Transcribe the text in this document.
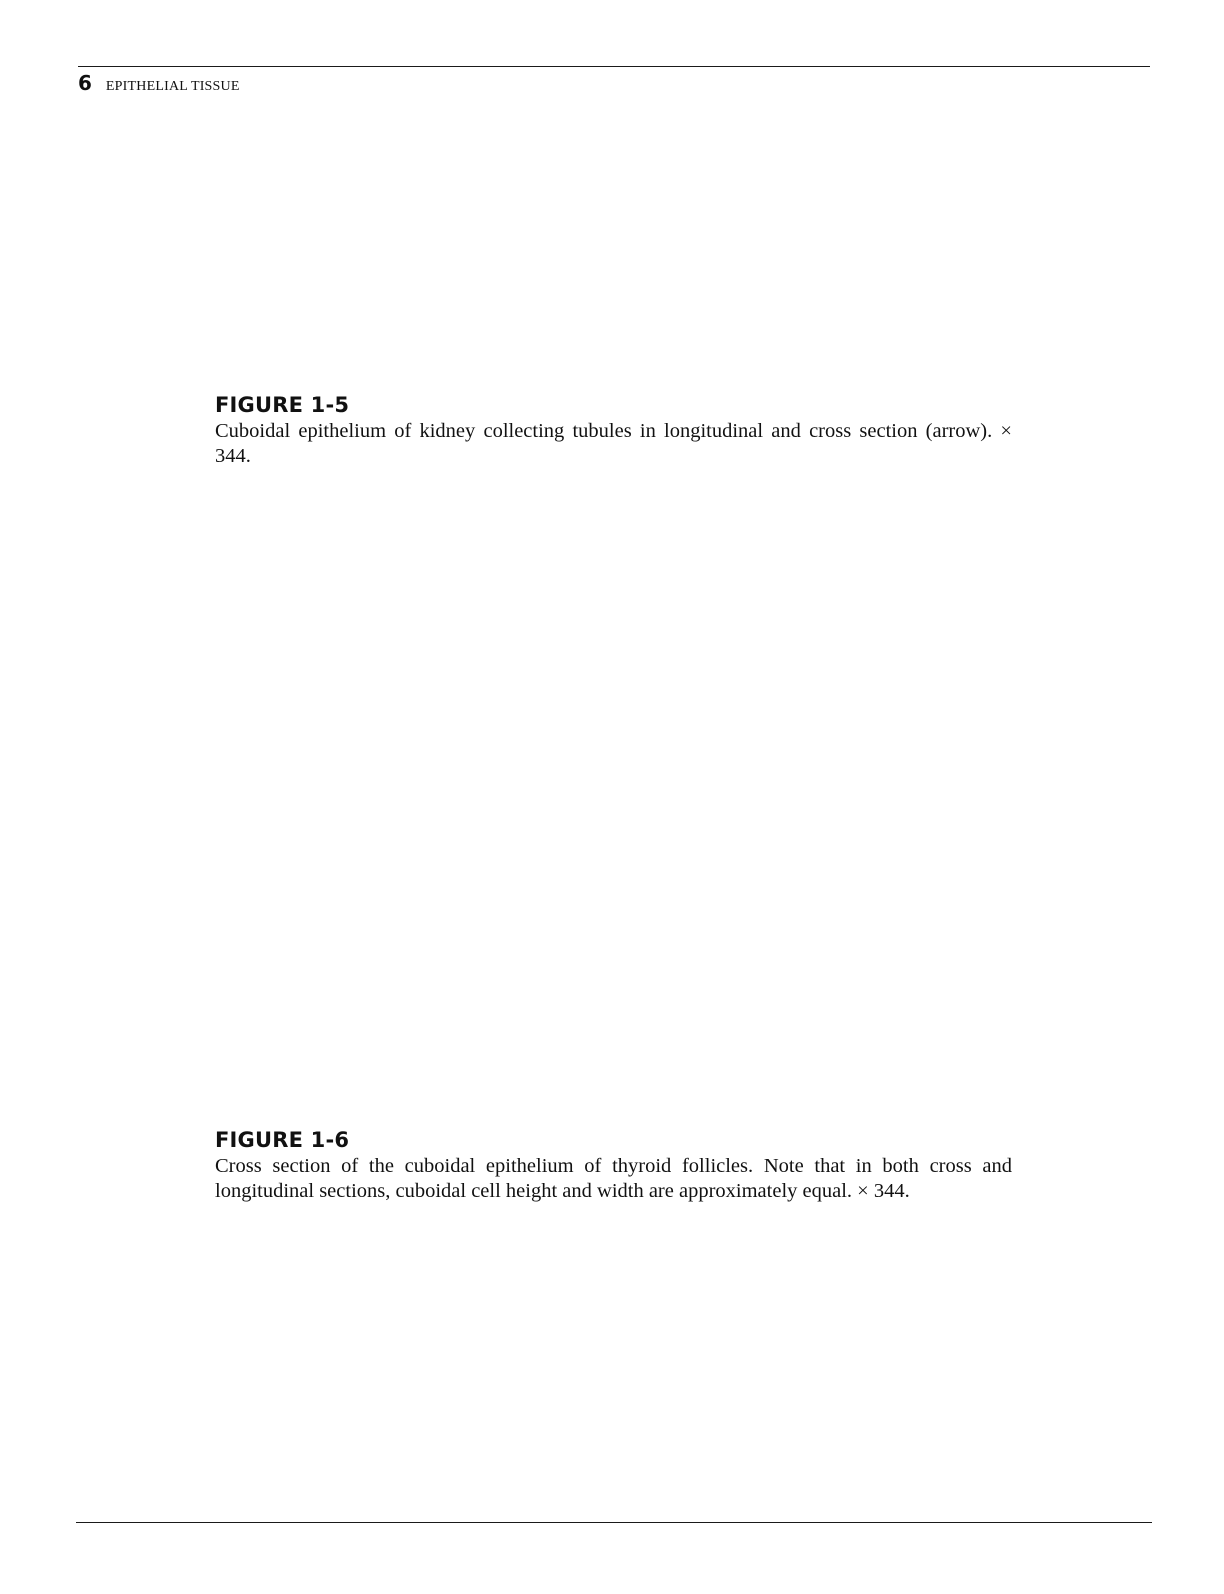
6 EPITHELIAL TISSUE
FIGURE 1-5

Cuboidal epithelium of kidney collecting tubules in longitudinal and cross section (arrow). × 344.

FIGURE 1-6

Cross section of the cuboidal epithelium of thyroid follicles. Note that in both cross and longitudinal sections, cuboidal cell height and width are approximately equal. × 344.
